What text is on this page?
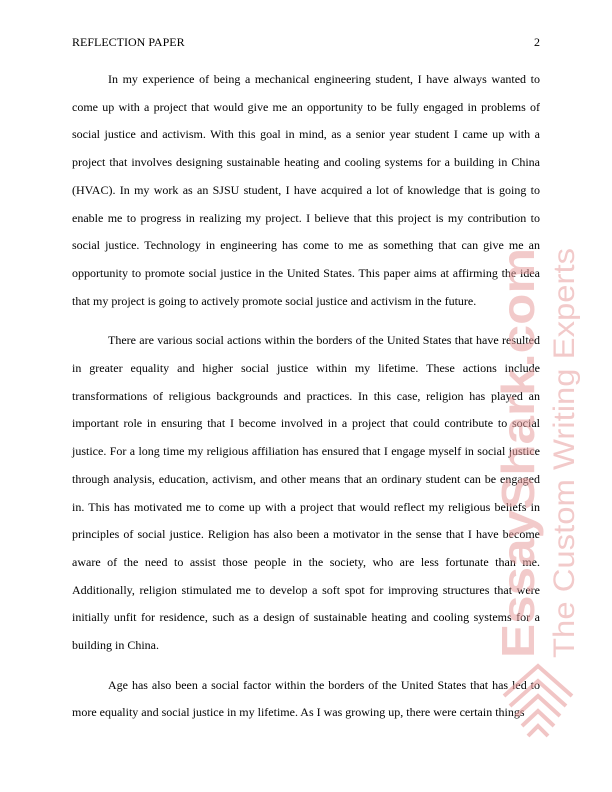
REFLECTION PAPER	2

In my experience of being a mechanical engineering student, I have always wanted to come up with a project that would give me an opportunity to be fully engaged in problems of social justice and activism. With this goal in mind, as a senior year student I came up with a project that involves designing sustainable heating and cooling systems for a building in China (HVAC). In my work as an SJSU student, I have acquired a lot of knowledge that is going to enable me to progress in realizing my project. I believe that this project is my contribution to social justice. Technology in engineering has come to me as something that can give me an opportunity to promote social justice in the United States. This paper aims at affirming the idea that my project is going to actively promote social justice and activism in the future.

There are various social actions within the borders of the United States that have resulted in greater equality and higher social justice within my lifetime. These actions include transformations of religious backgrounds and practices. In this case, religion has played an important role in ensuring that I become involved in a project that could contribute to social justice. For a long time my religious affiliation has ensured that I engage myself in social justice through analysis, education, activism, and other means that an ordinary student can be engaged in. This has motivated me to come up with a project that would reflect my religious beliefs in principles of social justice. Religion has also been a motivator in the sense that I have become aware of the need to assist those people in the society, who are less fortunate than me. Additionally, religion stimulated me to develop a soft spot for improving structures that were initially unfit for residence, such as a design of sustainable heating and cooling systems for a building in China.

Age has also been a social factor within the borders of the United States that has led to more equality and social justice in my lifetime. As I was growing up, there were certain things

EssayShark.com The Custom Writing Experts
